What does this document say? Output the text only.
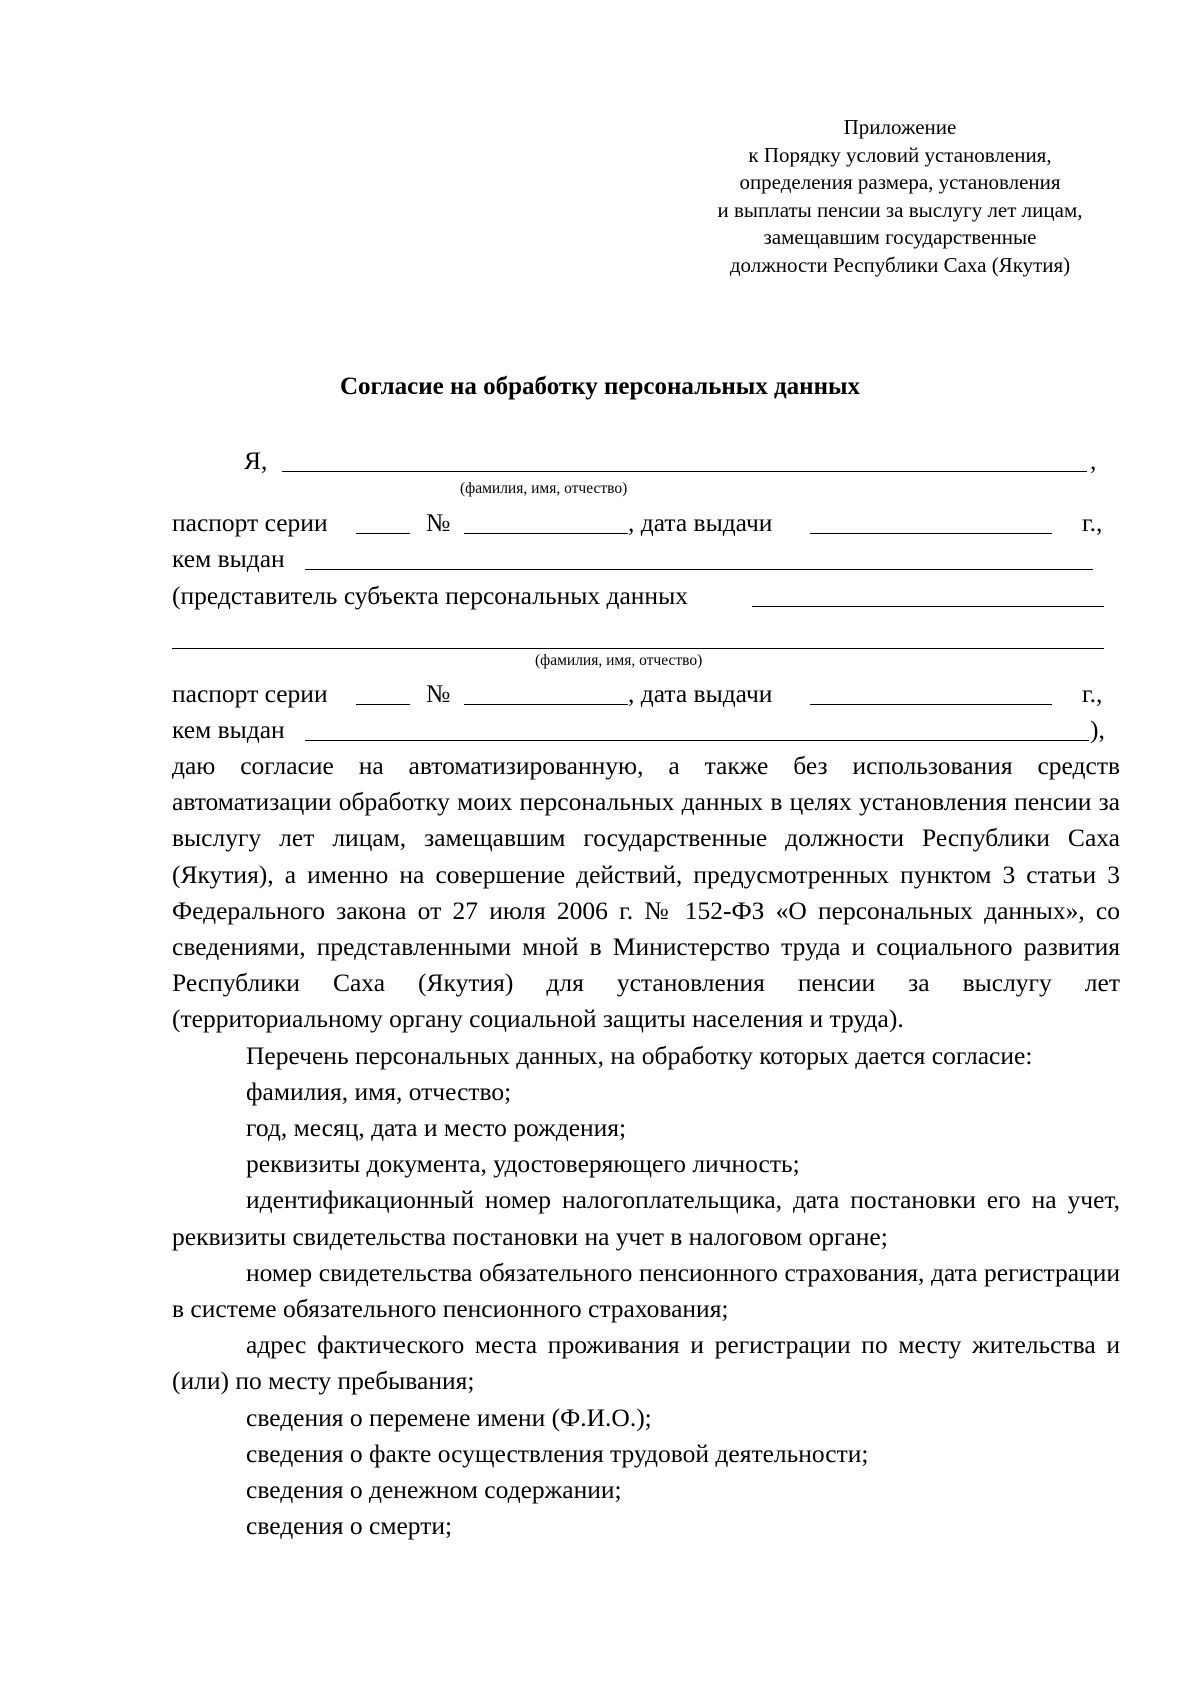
Приложение
к Порядку условий установления,
определения размера, установления
и выплаты пенсии за выслугу лет лицам,
замещавшим государственные
должности Республики Саха (Якутия)
Согласие на обработку персональных данных
Я,	,
(фамилия, имя, отчество)
паспорт серии	№	, дата выдачи	г.,
кем выдан
(представитель субъекта персональных данных
(фамилия, имя, отчество)
паспорт серии	№	, дата выдачи	г.,
кем выдан	),

даю согласие на автоматизированную, а также без использования средств автоматизации обработку моих персональных данных в целях установления пенсии за выслугу лет лицам, замещавшим государственные должности Республики Саха (Якутия), а именно на совершение действий, предусмотренных пунктом 3 статьи 3 Федерального закона от 27 июля 2006 г. № 152-ФЗ «О персональных данных», со сведениями, представленными мной в Министерство труда и социального развития Республики Саха (Якутия) для установления пенсии за выслугу лет (территориальному органу социальной защиты населения и труда).

Перечень персональных данных, на обработку которых дается согласие:

фамилия, имя, отчество;

год, месяц, дата и место рождения;

реквизиты документа, удостоверяющего личность;

идентификационный номер налогоплательщика, дата постановки его на учет, реквизиты свидетельства постановки на учет в налоговом органе;

номер свидетельства обязательного пенсионного страхования, дата регистрации в системе обязательного пенсионного страхования;

адрес фактического места проживания и регистрации по месту жительства и (или) по месту пребывания;

сведения о перемене имени (Ф.И.О.);

сведения о факте осуществления трудовой деятельности;

сведения о денежном содержании;

сведения о смерти;
